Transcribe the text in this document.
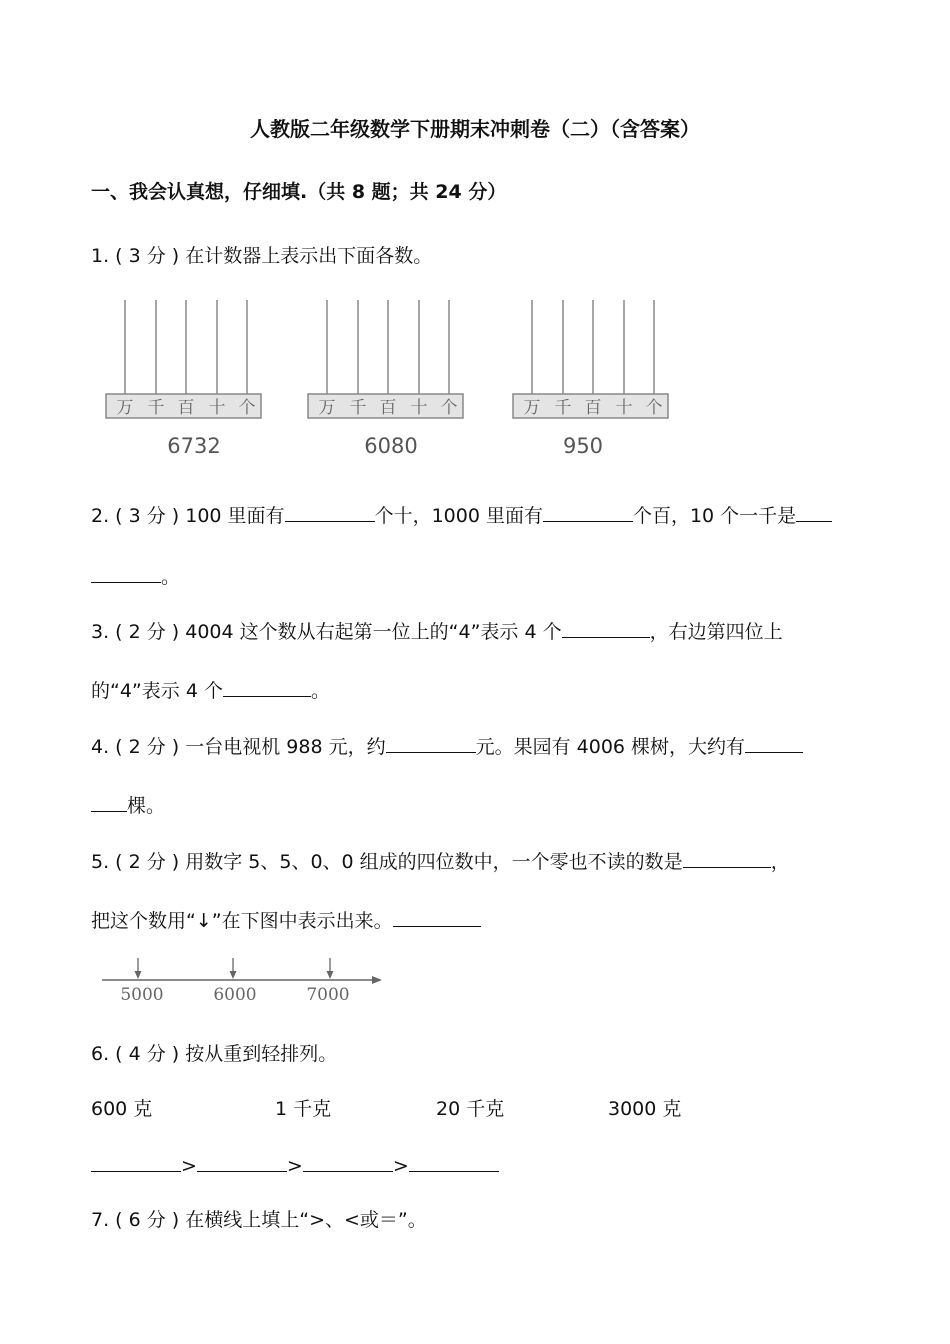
人教版二年级数学下册期末冲刺卷（二）（含答案）
一、我会认真想，仔细填.（共 8 题；共 24 分）
1. ( 3 分 ) 在计数器上表示出下面各数。
万 千 百 十 个
6732
万 千 百 十 个
6080
万 千 百 十 个
950
2. ( 3 分 ) 100 里面有	个十，1000 里面有	个百，10 个一千是
。
3. ( 2 分 ) 4004 这个数从右起第一位上的“4”表示 4 个	，右边第四位上
的“4”表示 4 个	。
4. ( 2 分 ) 一台电视机 988 元，约	元。果园有 4006 棵树，大约有
棵。
5. ( 2 分 ) 用数字 5、5、0、0 组成的四位数中，一个零也不读的数是	，
把这个数用“↓”在下图中表示出来。
5000	6000	7000
6. ( 4 分 ) 按从重到轻排列。
600 克	1 千克	20 千克	3000 克
>	>	>
7. ( 6 分 ) 在横线上填上“>、<或＝”。
